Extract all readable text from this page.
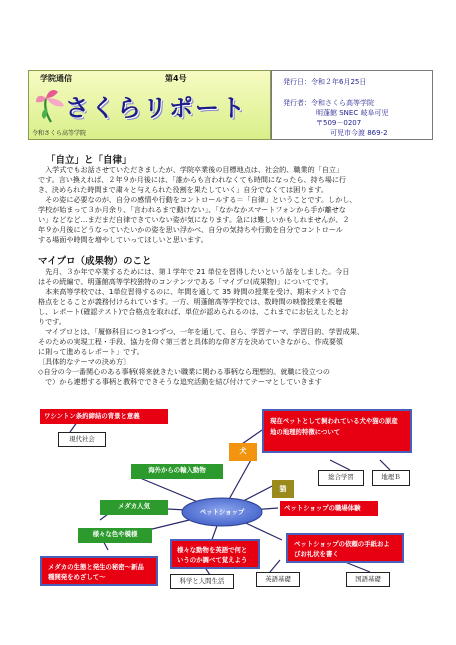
学院通信	第4号
さくらリポート
令和さくら高等学院
発行日：令和２年6月25日
発行者：令和さくら高等学院
明蓬館 SNEC 岐阜可児
〒509－0207
可児市今渡 869-2
「自立」と「自律」
　入学式でもお話させていただきましたが、学院卒業後の目標地点は、社会的、職業的「自立」
です。言い換えれば、２年９か月後には、「誰からも言われなくても時間になったら、持ち場に行
き、決められた時間まで粛々と与えられた役割を果たしていく」自分でなくては困ります。
　その姿に必要なのが、自分の感情や行動をコントロールする＝「自律」ということです。しかし、
学校が始まって３か月余り、「言われるまで動けない」、「なかなかスマートフォンから手が離せな
い」などなど…まだまだ自律できていない姿が気になります。急には難しいかもしれませんが、２
年９か月後にどうなっていたいかの姿を思い浮かべ、自分の気持ちや行動を自分でコントロール
する場面や時間を増やしていってほしいと思います。
マイプロ（成果物）のこと
　先月、３か年で卒業するためには、第１学年で 21 単位を習得したいという話をしました。今日
はその続編で、明蓬館高等学校独特のコンテンツである「マイプロ(成果物)」についてです。
　本来高等学校では、1単位習得するのに、年間を通して 35 時間の授業を受け、期末テストで合
格点をとることが義務付けられています。一方、明蓬館高等学校では、数時間の映像授業を視聴
し、レポート(確認テスト)で合格点を取れば、単位が認められるのは、これまでにお伝えしたとお
りです。
　マイプロとは、「履修科目につき1つずつ、一年を通して、自ら、学習テーマ、学習目的、学習成果、
そのための実現工程・手段、協力を仰ぐ第三者と具体的な仰ぎ方を決めていきながら、作成要領
に則って進めるレポート」です。
〔具体的なテーマの決め方〕
◇自分の今一番関心のある事柄(将来就きたい職業に関わる事柄なら理想的。就職に役立つの
　で）から連想する事柄と教科でできそうな追究活動を結び付けてテーマとしていきます
ワシントン条約締結の背景と意義
現代社会
海外からの輸入動物
犬
猫
現在ペットとして飼われている犬や猫の原産地の地理的特徴について
総合学習	地理Ｂ
メダカ人気
ペットショップ	ペットショップの職場体験
様々な色や模様
様々な動物を英語で何というのか調べて覚えよう
ペットショップの依頼の手紙およびお礼状を書く
メダカの生態と発生の秘密〜新品種開発をめざして〜	科学と人間生活	英語基礎	国語基礎
